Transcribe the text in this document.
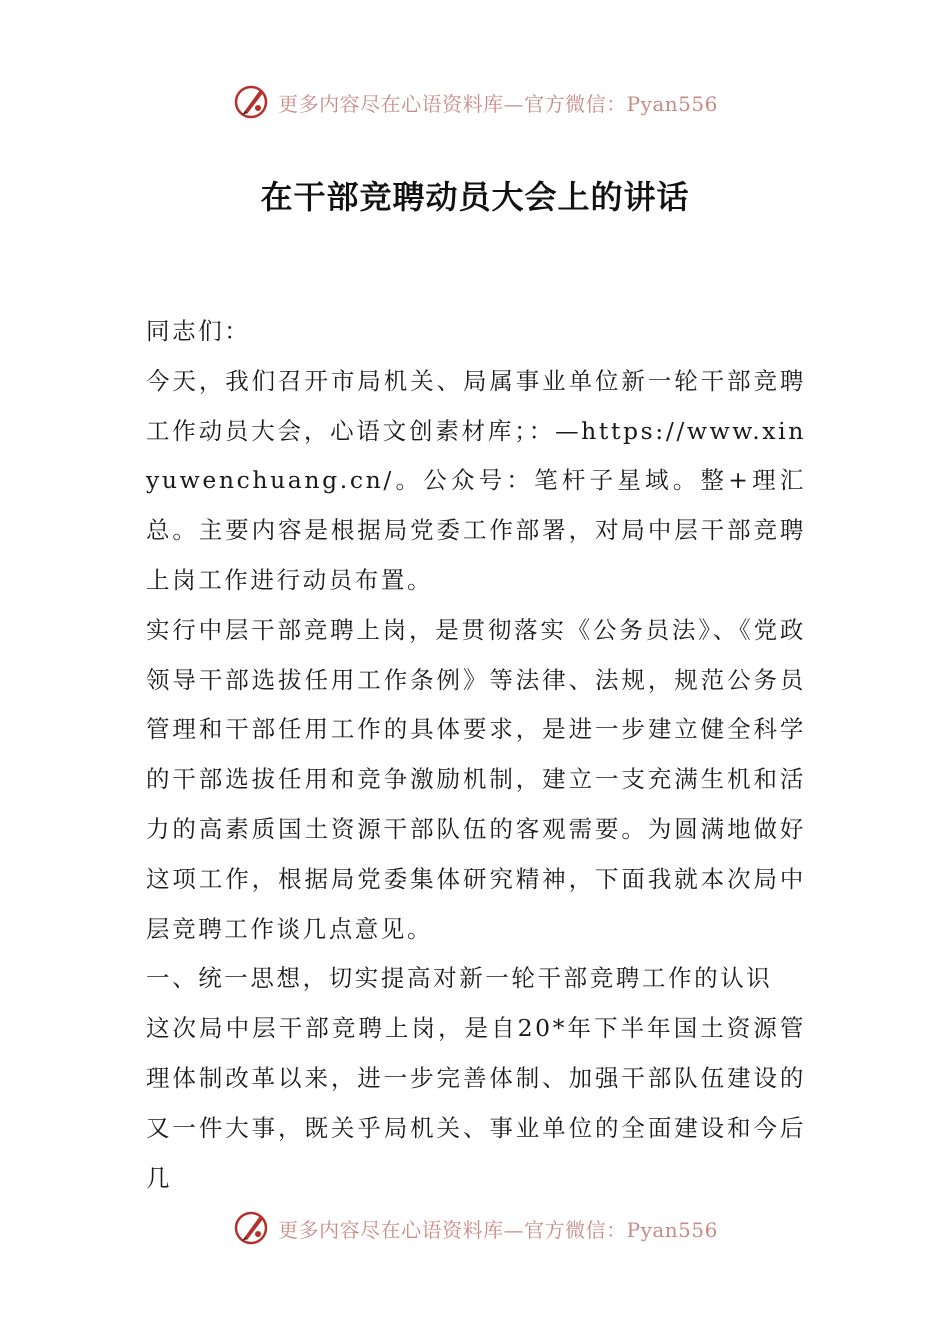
更多内容尽在心语资料库—官方微信：Pyan556
在干部竞聘动员大会上的讲话

同志们：

今天，我们召开市局机关、局属事业单位新一轮干部竞聘工作动员大会，心语文创素材库；：—https://www.xinyuwenchuang.cn/。公众号：笔杆子星域。整+理汇总。主要内容是根据局党委工作部署，对局中层干部竞聘上岗工作进行动员布置。

实行中层干部竞聘上岗，是贯彻落实《公务员法》、《党政领导干部选拔任用工作条例》等法律、法规，规范公务员管理和干部任用工作的具体要求，是进一步建立健全科学的干部选拔任用和竞争激励机制，建立一支充满生机和活力的高素质国土资源干部队伍的客观需要。为圆满地做好这项工作，根据局党委集体研究精神，下面我就本次局中层竞聘工作谈几点意见。

一、统一思想，切实提高对新一轮干部竞聘工作的认识

这次局中层干部竞聘上岗，是自20*年下半年国土资源管理体制改革以来，进一步完善体制、加强干部队伍建设的又一件大事，既关乎局机关、事业单位的全面建设和今后几

更多内容尽在心语资料库—官方微信：Pyan556
